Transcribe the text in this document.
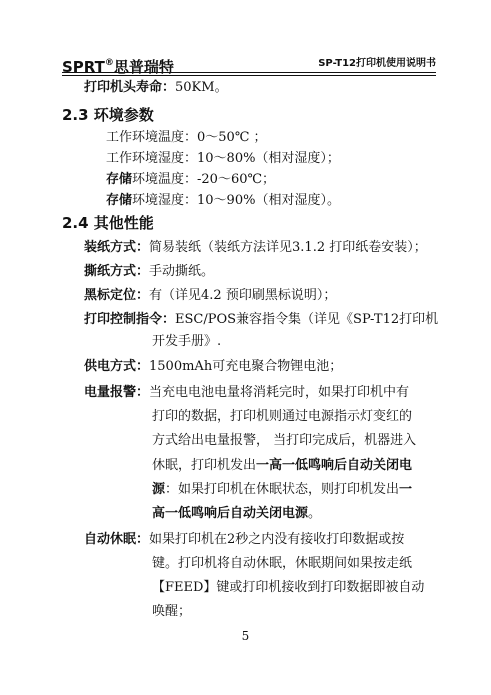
SPRT®思普瑞特	SP-T12打印机使用说明书
打印机头寿命：50KM。
2.3 环境参数
工作环境温度：0～50℃ ；
工作环境湿度：10～80%（相对湿度）；
存储环境温度：-20～60℃；
存储环境湿度：10～90%（相对湿度）。
2.4 其他性能
装纸方式：简易装纸（装纸方法详见3.1.2 打印纸卷安装）；
撕纸方式：手动撕纸。
黑标定位：有（详见4.2 预印刷黑标说明）；
打印控制指令：ESC/POS兼容指令集（详见《SP-T12打印机
开发手册》.
供电方式：1500mAh可充电聚合物锂电池；
电量报警：当充电电池电量将消耗完时，如果打印机中有
打印的数据，打印机则通过电源指示灯变红的
方式给出电量报警， 当打印完成后，机器进入
休眠，打印机发出一高一低鸣响后自动关闭电
源：如果打印机在休眠状态，则打印机发出一
高一低鸣响后自动关闭电源。
自动休眠：如果打印机在2秒之内没有接收打印数据或按
键。打印机将自动休眠，休眠期间如果按走纸
【FEED】键或打印机接收到打印数据即被自动
唤醒；
5
